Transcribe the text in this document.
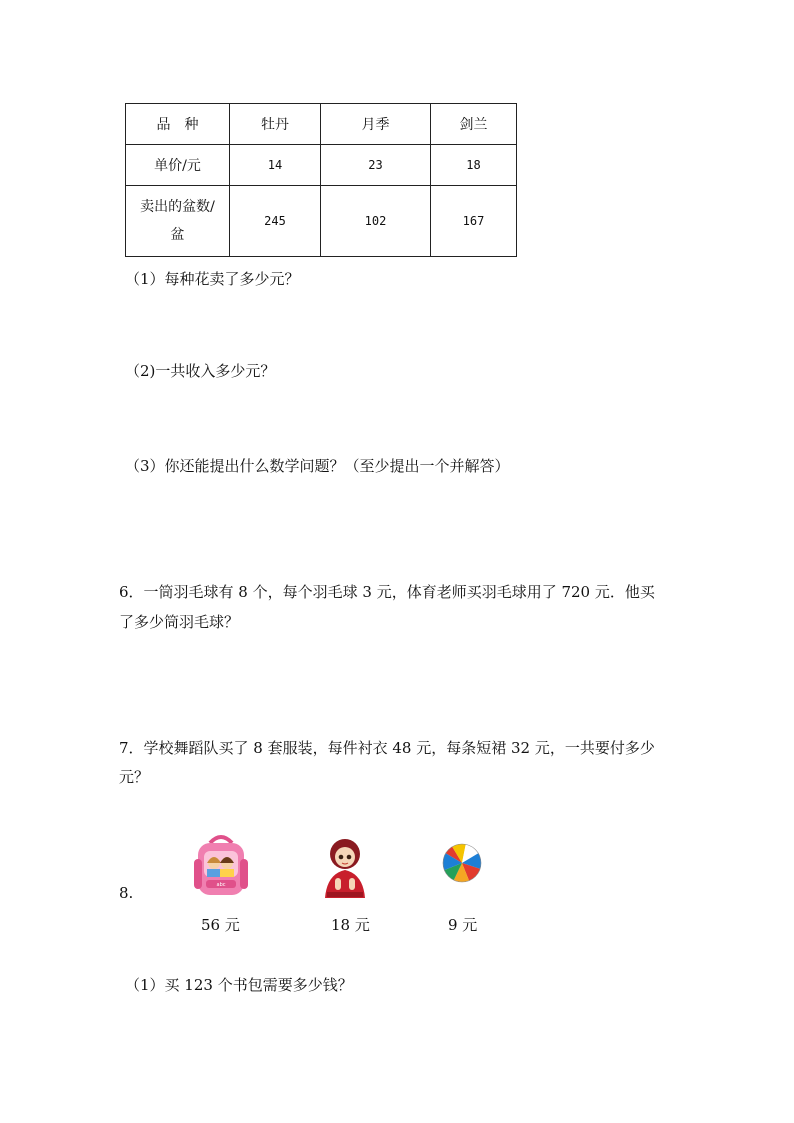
品　种	牡丹	月季	剑兰
单价/元	14	23	18
卖出的盆数/
盆	245	102	167
（1）每种花卖了多少元？
（2)一共收入多少元？
（3）你还能提出什么数学问题？（至少提出一个并解答）
6．一筒羽毛球有 8 个，每个羽毛球 3 元，体育老师买羽毛球用了 720 元．他买
了多少筒羽毛球？
7．学校舞蹈队买了 8 套服装，每件衬衣 48 元，每条短裙 32 元，一共要付多少
元？
8.	abc
56 元	18 元	9 元
（1）买 123 个书包需要多少钱？
